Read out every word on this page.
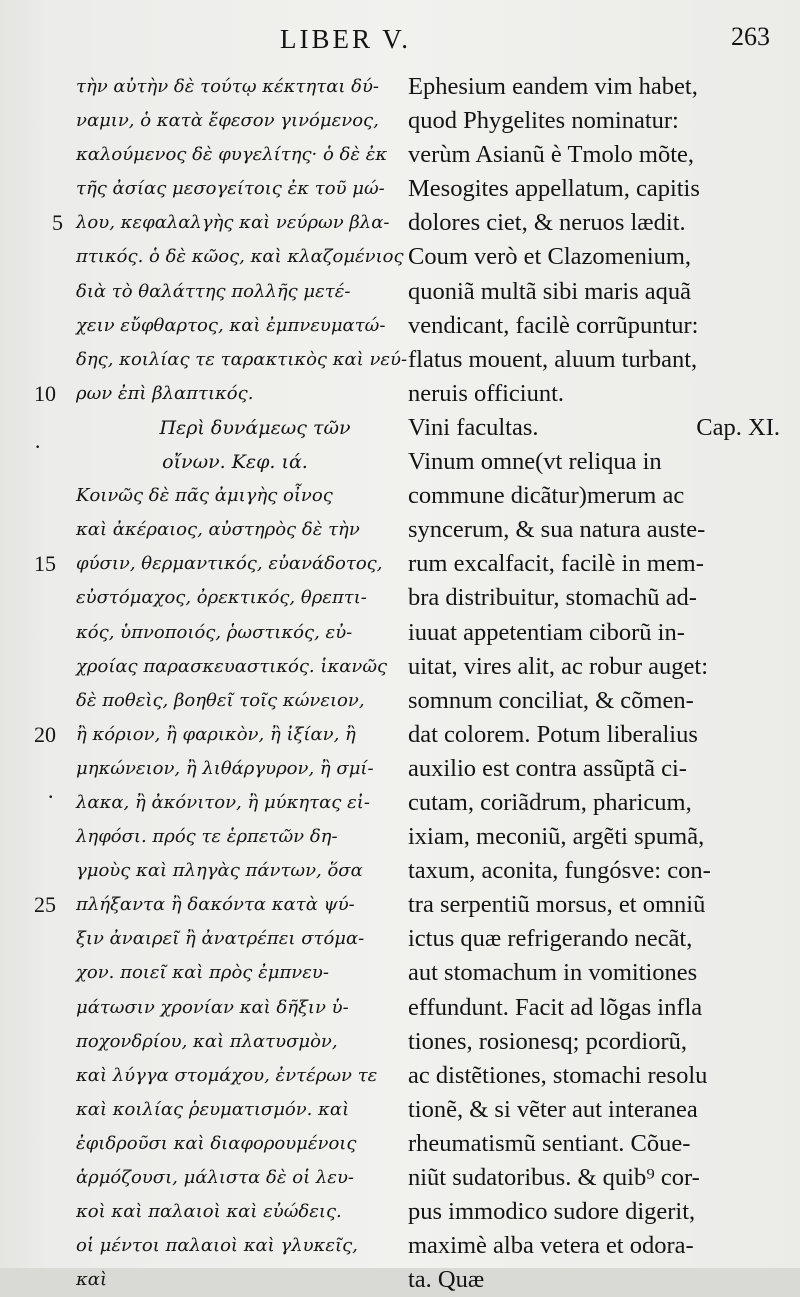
LIBER V.	263
5
10
15
20
25
·
.
τὴν αὐτὴν δὲ τούτῳ κέκτηται δύ-
ναμιν, ὁ κατὰ ἔφεσον γινόμενος,
καλούμενος δὲ φυγελίτης· ὁ δὲ ἐκ
τῆς ἀσίας μεσογείτοις ἐκ τοῦ μώ-
λου, κεφαλαλγὴς καὶ νεύρων βλα-
πτικός. ὁ δὲ κῶος, καὶ κλαζομένιος
διὰ τὸ θαλάττης πολλῆς μετέ-
χειν εὔφθαρτος, καὶ ἐμπνευματώ-
δης, κοιλίας τε ταρακτικὸς καὶ νεύ-
ρων ἐπὶ βλαπτικός.
Περὶ δυνάμεως τῶν
οἴνων. Κεφ. ιά.
Κοινῶς δὲ πᾶς ἀμιγὴς οἶνος
καὶ ἀκέραιος, αὐστηρὸς δὲ τὴν
φύσιν, θερμαντικός, εὐανάδοτος,
εὐστόμαχος, ὀρεκτικός, θρεπτι-
κός, ὑπνοποιός, ῥωστικός, εὐ-
χροίας παρασκευαστικός. ἱκανῶς
δὲ ποθεὶς, βοηθεῖ τοῖς κώνειον,
ἢ κόριον, ἢ φαρικὸν, ἢ ἰξίαν, ἢ
μηκώνειον, ἢ λιθάργυρον, ἢ σμί-
λακα, ἢ ἀκόνιτον, ἢ μύκητας εἰ-
ληφόσι. πρός τε ἑρπετῶν δη-
γμοὺς καὶ πληγὰς πάντων, ὅσα
πλήξαντα ἢ δακόντα κατὰ ψύ-
ξιν ἀναιρεῖ ἢ ἀνατρέπει στόμα-
χον. ποιεῖ καὶ πρὸς ἐμπνευ-
μάτωσιν χρονίαν καὶ δῆξιν ὑ-
ποχονδρίου, καὶ πλατυσμὸν,
καὶ λύγγα στομάχου, ἐντέρων τε
καὶ κοιλίας ῥευματισμόν. καὶ
ἐφιδροῦσι καὶ διαφορουμένοις
ἁρμόζουσι, μάλιστα δὲ οἱ λευ-
κοὶ καὶ παλαιοὶ καὶ εὐώδεις.
οἱ μέντοι παλαιοὶ καὶ γλυκεῖς,
καὶ
Ephesium eandem vim habet,
quod Phygelites nominatur:
verùm Asianũ è Tmolo mõte,
Mesogites appellatum, capitis
dolores ciet, & neruos lædit.
Coum verò et Clazomenium,
quoniã multã sibi maris aquã
vendicant, facilè corrũpuntur:
flatus mouent, aluum turbant,
neruis officiunt.
Vini facultas.	Cap. XI.
Vinum omne(vt reliqua in
commune dicãtur)merum ac
syncerum, & sua natura auste-
rum excalfacit, facilè in mem-
bra distribuitur, stomachũ ad-
iuuat appetentiam ciborũ in-
uitat, vires alit, ac robur auget:
somnum conciliat, & cõmen-
dat colorem. Potum liberalius
auxilio est contra assũptã ci-
cutam, coriãdrum, pharicum,
ixiam, meconiũ, argẽti spumã,
taxum, aconita, fungósve: con-
tra serpentiũ morsus, et omniũ
ictus quæ refrigerando necãt,
aut stomachum in vomitiones
effundunt. Facit ad lõgas infla
tiones, rosionesq; pcordiorũ,
ac distẽtiones, stomachi resolu
tionẽ, & si vẽter aut interanea
rheumatismũ sentiant. Cõue-
niũt sudatoribus. & quib⁹ cor-
pus immodico sudore digerit,
maximè alba vetera et odora-
ta. Quæ
